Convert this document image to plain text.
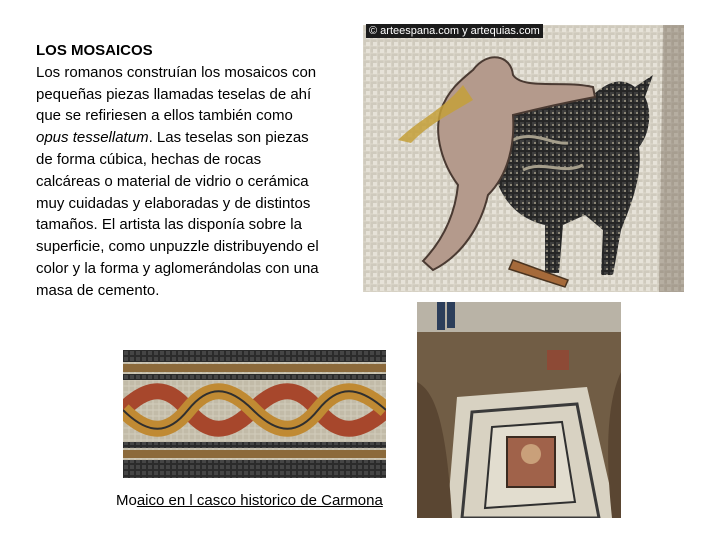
LOS MOSAICOS
Los romanos construían los mosaicos con pequeñas piezas llamadas teselas de ahí que se refiriesen a ellos también como opus tessellatum. Las teselas son piezas de forma cúbica, hechas de rocas calcáreas o material de vidrio o cerámica muy cuidadas y elaboradas y de distintos tamaños. El artista las disponía sobre la superficie, como unpuzzle distribuyendo el color y la forma y aglomerándolas con una masa de cemento.
© arteespana.com y artequias.com
Moaico en l casco historico de Carmona
